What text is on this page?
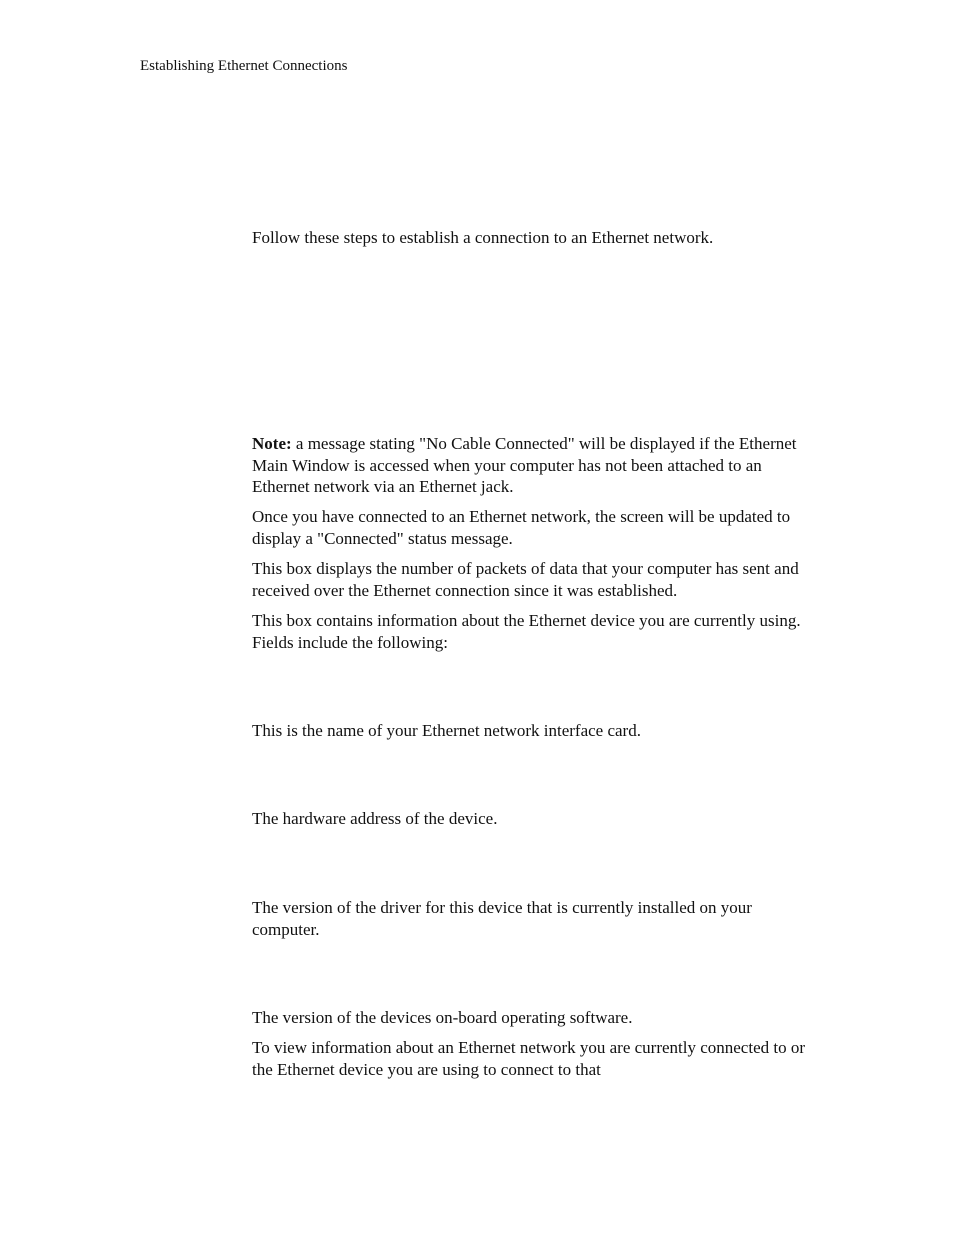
Establishing Ethernet Connections

Follow these steps to establish a connection to an Ethernet network.

Note: a message stating "No Cable Connected" will be displayed if the Ethernet Main Window is accessed when your computer has not been attached to an Ethernet network via an Ethernet jack.

Once you have connected to an Ethernet network, the screen will be updated to display a "Connected" status message.

This box displays the number of packets of data that your computer has sent and received over the Ethernet connection since it was established.

This box contains information about the Ethernet device you are currently using. Fields include the following:

This is the name of your Ethernet network interface card.

The hardware address of the device.

The version of the driver for this device that is currently installed on your computer.

The version of the devices on-board operating software.

To view information about an Ethernet network you are currently connected to or the Ethernet device you are using to connect to that
